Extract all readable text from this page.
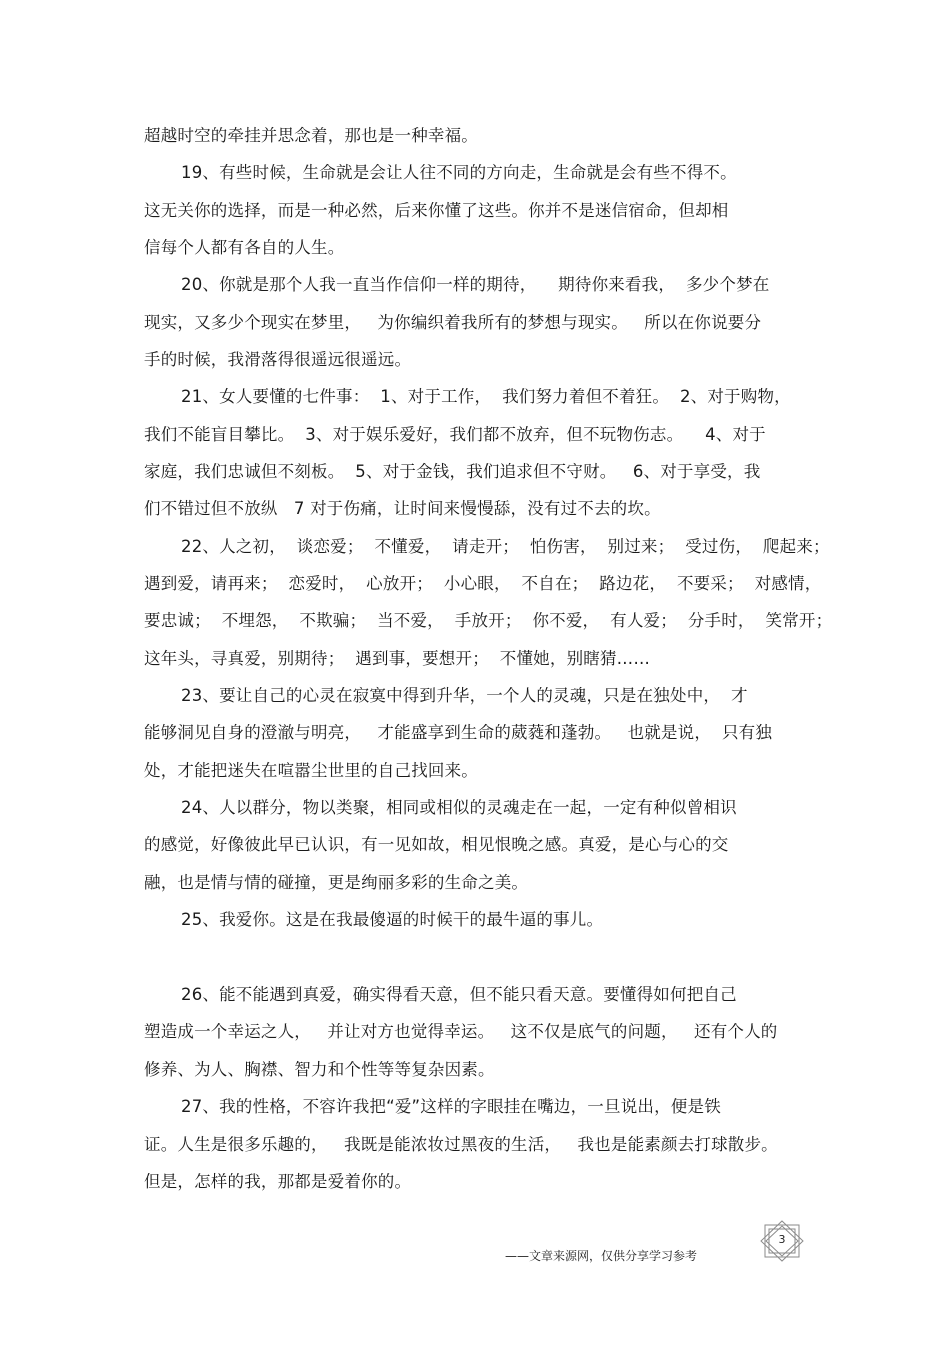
超越时空的牵挂并思念着，那也是一种幸福。
19、有些时候，生命就是会让人往不同的方向走，生命就是会有些不得不。
这无关你的选择，而是一种必然，后来你懂了这些。你并不是迷信宿命，但却相
信每个人都有各自的人生。
20、你就是那个人我一直当作信仰一样的期待，    期待你来看我，  多少个梦在
现实，又多少个现实在梦里，   为你编织着我所有的梦想与现实。   所以在你说要分
手的时候，我滑落得很遥远很遥远。
21、女人要懂的七件事：  1、对于工作，  我们努力着但不着狂。  2、对于购物，
我们不能盲目攀比。  3、对于娱乐爱好，我们都不放弃，但不玩物伤志。    4、对于
家庭，我们忠诚但不刻板。  5、对于金钱，我们追求但不守财。   6、对于享受，我
们不错过但不放纵   7 对于伤痛，让时间来慢慢舔，没有过不去的坎。
22、人之初，  谈恋爱；  不懂爱，  请走开；  怕伤害，  别过来；  受过伤，  爬起来；
遇到爱，请再来；  恋爱时，  心放开；  小心眼，  不自在；  路边花，  不要采；  对感情，
要忠诚；  不埋怨，  不欺骗；  当不爱，  手放开；  你不爱，  有人爱；  分手时，  笑常开；
这年头，寻真爱，别期待；  遇到事，要想开；  不懂她，别瞎猜……
23、要让自己的心灵在寂寞中得到升华，一个人的灵魂，只是在独处中，  才
能够洞见自身的澄澈与明亮，   才能盛享到生命的葳蕤和蓬勃。   也就是说，  只有独
处，才能把迷失在喧嚣尘世里的自己找回来。
24、人以群分，物以类聚，相同或相似的灵魂走在一起，一定有种似曾相识
的感觉，好像彼此早已认识，有一见如故，相见恨晚之感。真爱，是心与心的交
融，也是情与情的碰撞，更是绚丽多彩的生命之美。
25、我爱你。这是在我最傻逼的时候干的最牛逼的事儿。
26、能不能遇到真爱，确实得看天意，但不能只看天意。要懂得如何把自己
塑造成一个幸运之人，   并让对方也觉得幸运。   这不仅是底气的问题，   还有个人的
修养、为人、胸襟、智力和个性等等复杂因素。
27、我的性格，不容许我把“爱”这样的字眼挂在嘴边，一旦说出，便是铁
证。人生是很多乐趣的，   我既是能浓妆过黑夜的生活，   我也是能素颜去打球散步。
但是，怎样的我，那都是爱着你的。
——文章来源网，仅供分享学习参考
3
